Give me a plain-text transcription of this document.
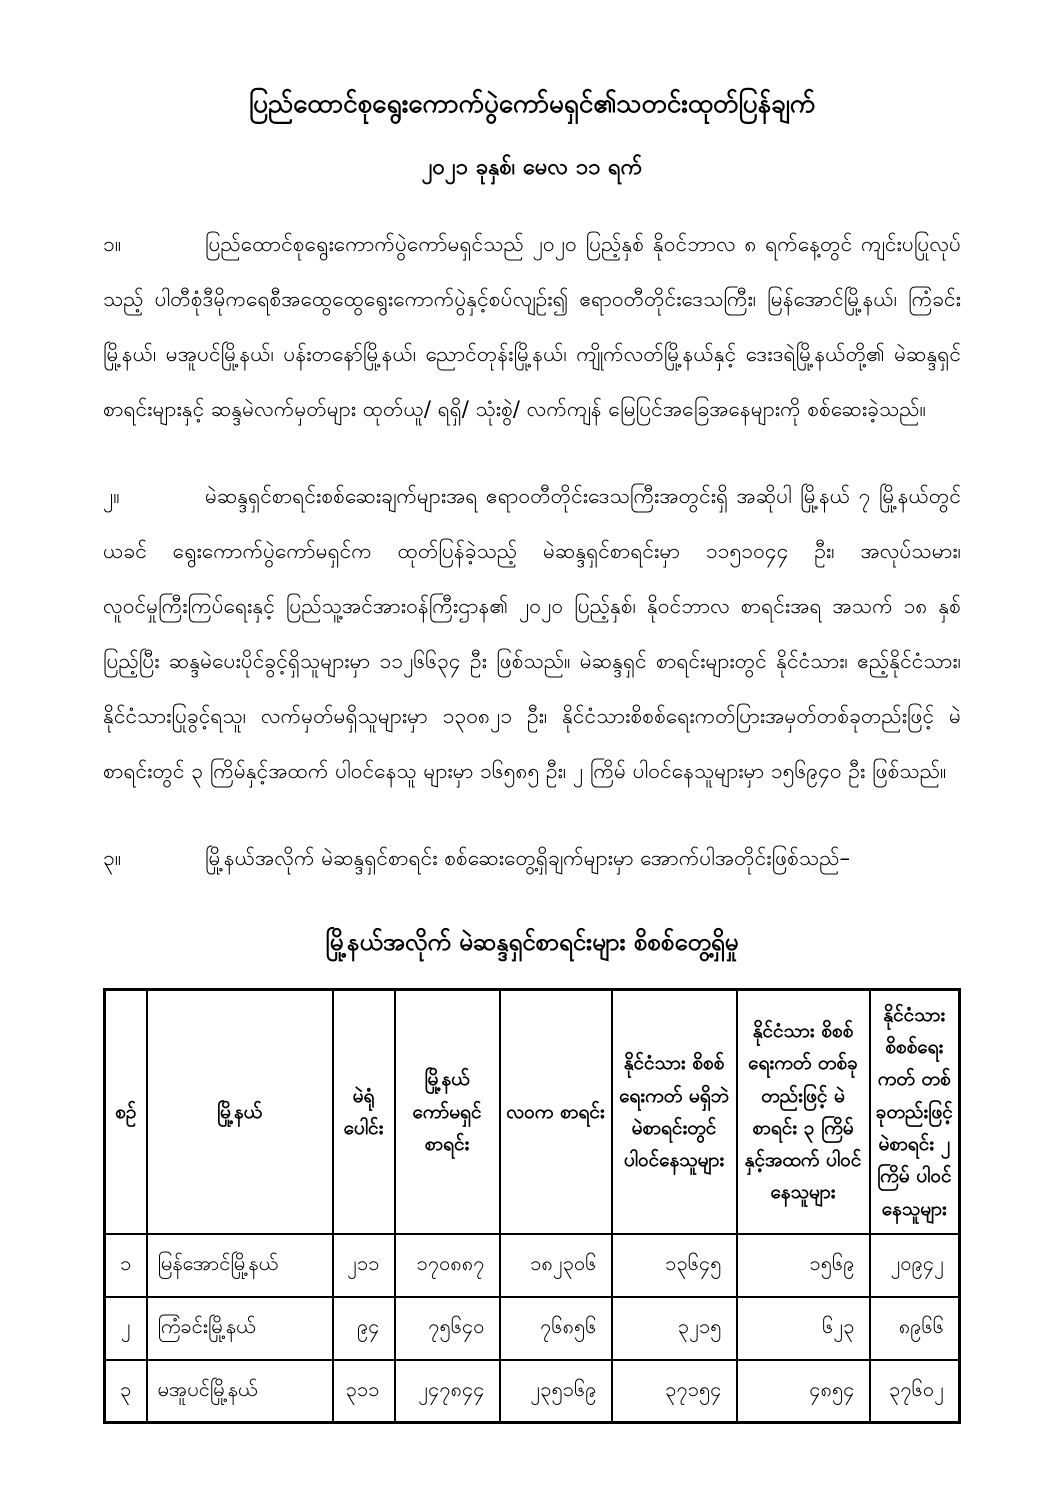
ပြည်ထောင်စုရွေးကောက်ပွဲကော်မရှင်၏သတင်းထုတ်ပြန်ချက်
၂၀၂၁ ခုနှစ်၊ မေလ ၁၁ ရက်

၁။	ပြည်ထောင်စုရွေးကောက်ပွဲကော်မရှင်သည် ၂၀၂၀ ပြည့်နှစ် နိုဝင်ဘာလ ၈ ရက်နေ့တွင် ကျင်းပပြုလုပ်သည့် ပါတီစုံဒီမိုကရေစီအထွေထွေရွေးကောက်ပွဲနှင့်စပ်လျဉ်း၍ ဧရာဝတီတိုင်းဒေသကြီး၊ မြန်အောင်မြို့နယ်၊ ကြံခင်းမြို့နယ်၊ မအူပင်မြို့နယ်၊ ပန်းတနော်မြို့နယ်၊ ညောင်တုန်းမြို့နယ်၊ ကျိုက်လတ်မြို့နယ်နှင့် ဒေးဒရဲမြို့နယ်တို့၏ မဲဆန္ဒရှင်စာရင်းများနှင့် ဆန္ဒမဲလက်မှတ်များ ထုတ်ယူ/ ရရှိ/ သုံးစွဲ/ လက်ကျန် မြေပြင်အခြေအနေများကို စစ်ဆေးခဲ့သည်။

၂။	မဲဆန္ဒရှင်စာရင်းစစ်ဆေးချက်များအရ ဧရာဝတီတိုင်းဒေသကြီးအတွင်းရှိ အဆိုပါ မြို့နယ် ၇ မြို့နယ်တွင် ယခင် ရွေးကောက်ပွဲကော်မရှင်က ထုတ်ပြန်ခဲ့သည့် မဲဆန္ဒရှင်စာရင်းမှာ ၁၁၅၁၀၄၄ ဦး၊ အလုပ်သမား၊ လူဝင်မှုကြီးကြပ်ရေးနှင့် ပြည်သူ့အင်အားဝန်ကြီးဌာန၏ ၂၀၂၀ ပြည့်နှစ်၊ နိုဝင်ဘာလ စာရင်းအရ အသက် ၁၈ နှစ်ပြည့်ပြီး ဆန္ဒမဲပေးပိုင်ခွင့်ရှိသူများမှာ ၁၁၂၆၆၃၄ ဦး ဖြစ်သည်။ မဲဆန္ဒရှင် စာရင်းများတွင် နိုင်ငံသား၊ ဧည့်နိုင်ငံသား၊ နိုင်ငံသားပြုခွင့်ရသူ၊ လက်မှတ်မရှိသူများမှာ ၁၃၀၈၂၁ ဦး၊ နိုင်ငံသားစိစစ်ရေးကတ်ပြားအမှတ်တစ်ခုတည်းဖြင့် မဲစာရင်းတွင် ၃ ကြိမ်နှင့်အထက် ပါဝင်နေသူ များမှာ ၁၆၅၈၅ ဦး၊ ၂ ကြိမ် ပါဝင်နေသူများမှာ ၁၅၆၉၄၀ ဦး ဖြစ်သည်။

၃။	မြို့နယ်အလိုက် မဲဆန္ဒရှင်စာရင်း စစ်ဆေးတွေ့ရှိချက်များမှာ အောက်ပါအတိုင်းဖြစ်သည်–

မြို့နယ်အလိုက် မဲဆန္ဒရှင်စာရင်းများ စိစစ်တွေ့ရှိမှု
စဉ်	မြို့နယ်	မဲရုံ ပေါင်း	မြို့နယ် ကော်မရှင် စာရင်း	လဝက စာရင်း	နိုင်ငံသား စိစစ်ရေးကတ် မရှိဘဲ မဲစာရင်းတွင် ပါဝင်နေသူများ	နိုင်ငံသား စိစစ်ရေးကတ် တစ်ခုတည်းဖြင့် မဲစာရင်း ၃ ကြိမ် နှင့်အထက် ပါဝင်နေသူများ	နိုင်ငံသား စိစစ်ရေးကတ် တစ်ခုတည်းဖြင့် မဲစာရင်း ၂ ကြိမ် ပါဝင်နေသူများ
၁	မြန်အောင်မြို့နယ်	၂၁၁	၁၇၀၈၈၇	၁၈၂၃၀၆	၁၃၆၄၅	၁၅၆၉	၂၀၉၄၂
၂	ကြံခင်းမြို့နယ်	၉၄	၇၅၆၄၀	၇၆၈၅၆	၃၂၁၅	၆၂၃	၈၉၆၆
၃	မအူပင်မြို့နယ်	၃၁၁	၂၄၇၈၄၄	၂၃၅၁၆၉	၃၇၁၅၄	၄၈၅၄	၃၇၆၀၂
